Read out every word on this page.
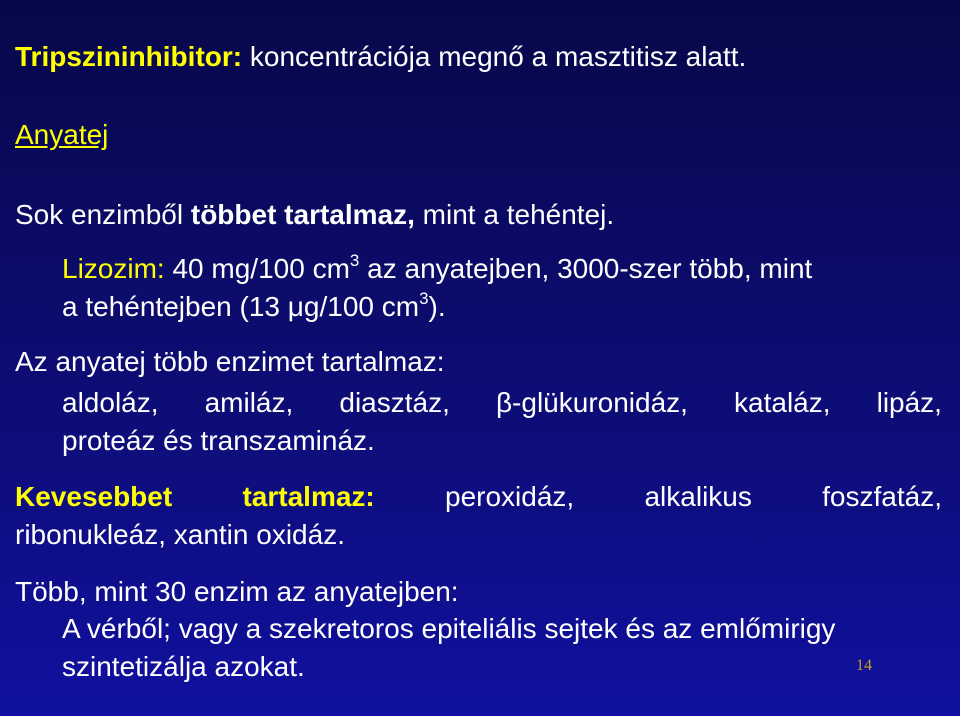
Tripszininhibitor: koncentrációja megnő a masztitisz alatt.
Anyatej
Sok enzimből többet tartalmaz, mint a tehéntej.
Lizozim: 40 mg/100 $cm^3$ az anyatejben, 3000-szer több, mint
a tehéntejben (13 μg/100 $cm^3$).
Az anyatej több enzimet tartalmaz:
aldoláz, amiláz, diasztáz, β-glükuronidáz, kataláz, lipáz,
proteáz és transzamináz.
Kevesebbet	tartalmaz:	peroxidáz,	alkalikus	foszfatáz,
ribonukleáz, xantin oxidáz.
Több, mint 30 enzim az anyatejben:
A vérből; vagy a szekretoros epiteliális sejtek és az emlőmirigy
szintetizálja azokat.	14
